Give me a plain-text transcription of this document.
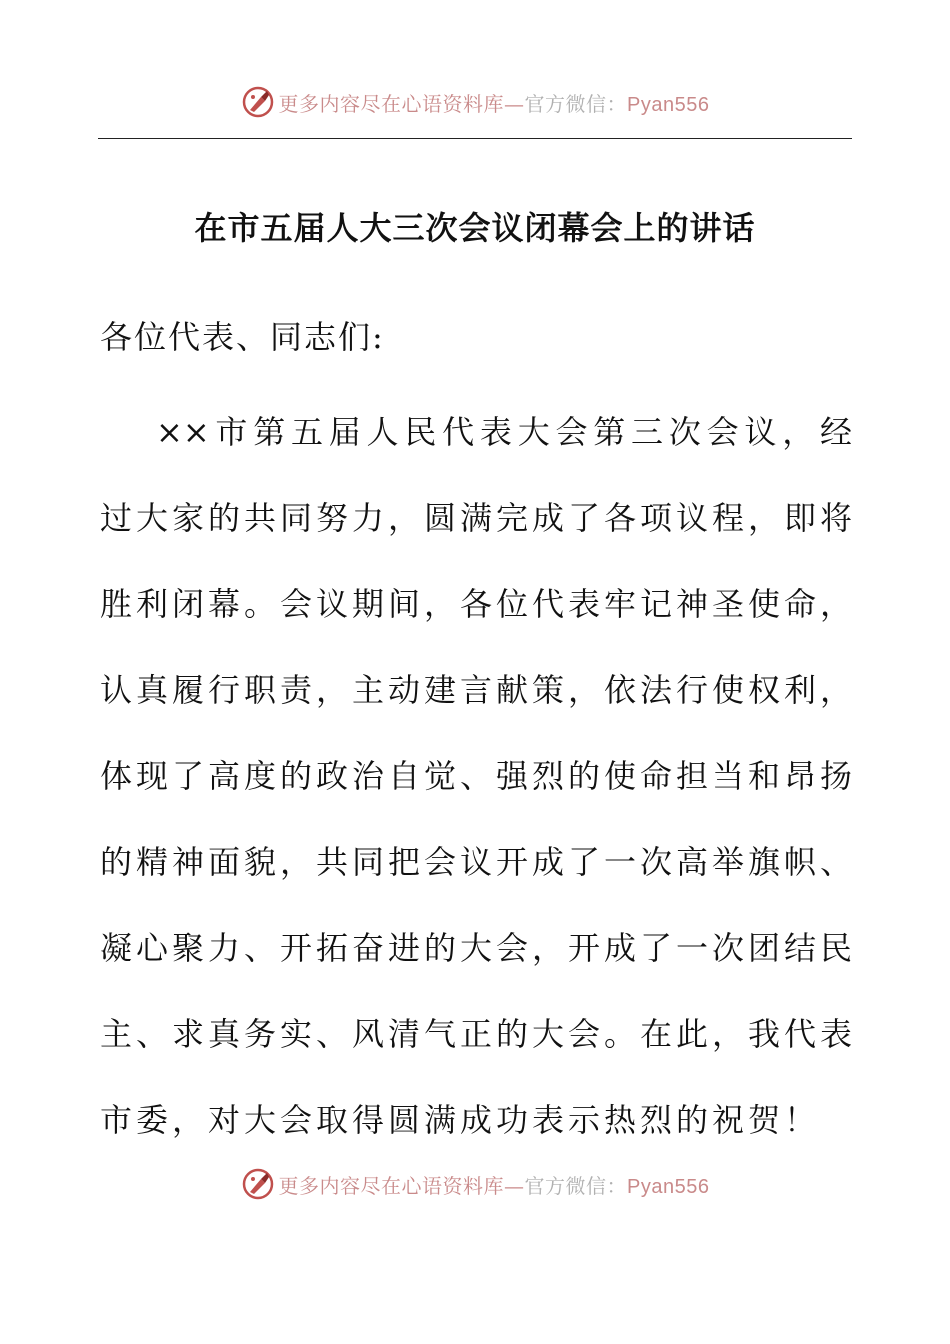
更多内容尽在心语资料库—官方微信：Pyan556
在市五届人大三次会议闭幕会上的讲话
各位代表、同志们:
××市第五届人民代表大会第三次会议，经
过大家的共同努力，圆满完成了各项议程，即将
胜利闭幕。会议期间，各位代表牢记神圣使命，
认真履行职责，主动建言献策，依法行使权利，
体现了高度的政治自觉、强烈的使命担当和昂扬
的精神面貌，共同把会议开成了一次高举旗帜、
凝心聚力、开拓奋进的大会，开成了一次团结民
主、求真务实、风清气正的大会。在此，我代表
市委，对大会取得圆满成功表示热烈的祝贺！
更多内容尽在心语资料库—官方微信：Pyan556
